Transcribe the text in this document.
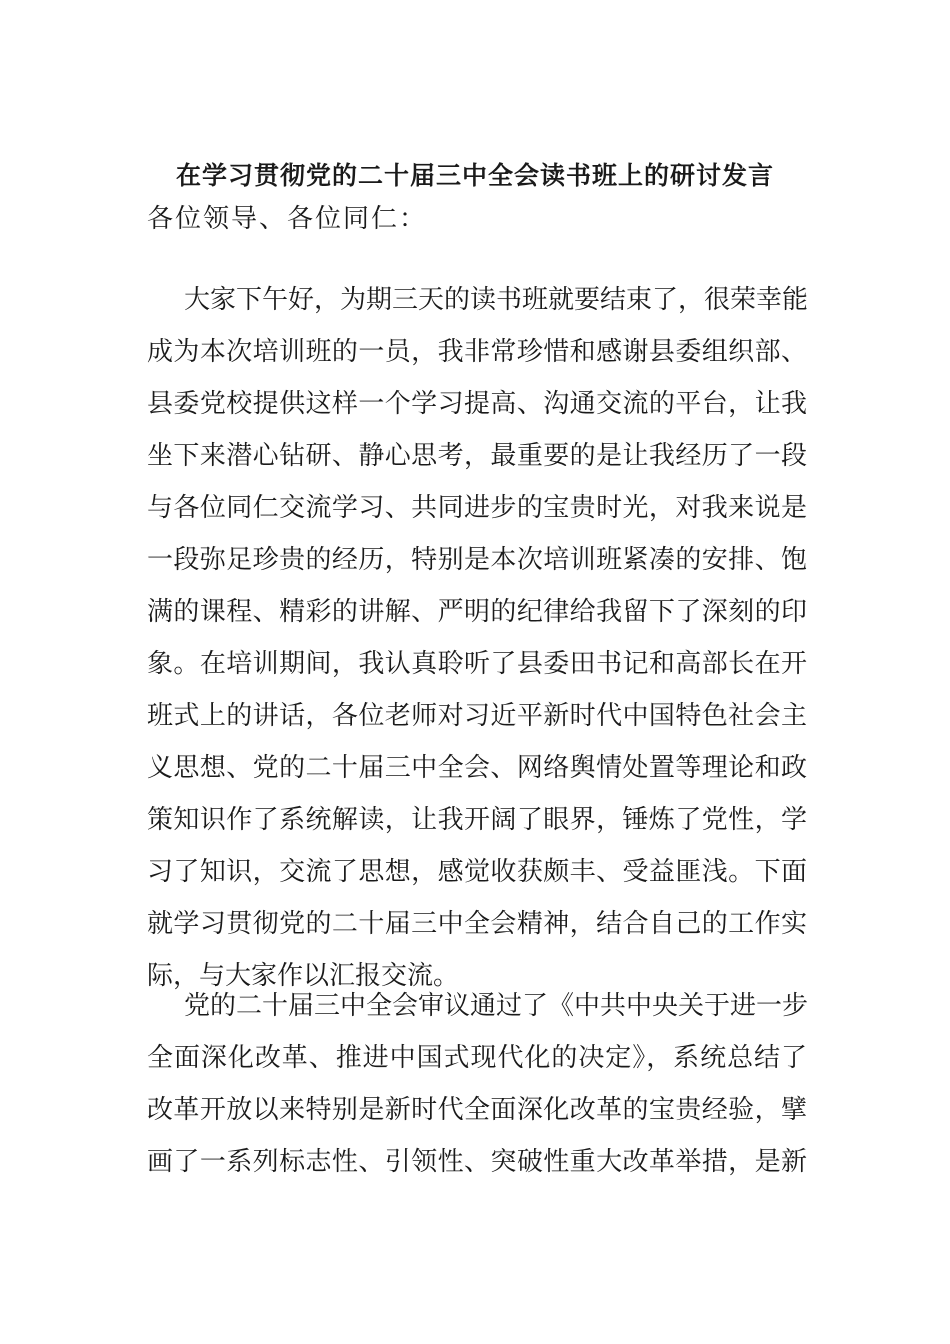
在学习贯彻党的二十届三中全会读书班上的研讨发言
各位领导、各位同仁：
大家下午好，为期三天的读书班就要结束了，很荣幸能
成为本次培训班的一员，我非常珍惜和感谢县委组织部、
县委党校提供这样一个学习提高、沟通交流的平台，让我
坐下来潜心钻研、静心思考，最重要的是让我经历了一段
与各位同仁交流学习、共同进步的宝贵时光，对我来说是
一段弥足珍贵的经历，特别是本次培训班紧凑的安排、饱
满的课程、精彩的讲解、严明的纪律给我留下了深刻的印
象。在培训期间，我认真聆听了县委田书记和高部长在开
班式上的讲话，各位老师对习近平新时代中国特色社会主
义思想、党的二十届三中全会、网络舆情处置等理论和政
策知识作了系统解读，让我开阔了眼界，锤炼了党性，学
习了知识，交流了思想，感觉收获颇丰、受益匪浅。下面
就学习贯彻党的二十届三中全会精神，结合自己的工作实
际，与大家作以汇报交流。
党的二十届三中全会审议通过了《中共中央关于进一步
全面深化改革、推进中国式现代化的决定》，系统总结了
改革开放以来特别是新时代全面深化改革的宝贵经验，擘
画了一系列标志性、引领性、突破性重大改革举措，是新
